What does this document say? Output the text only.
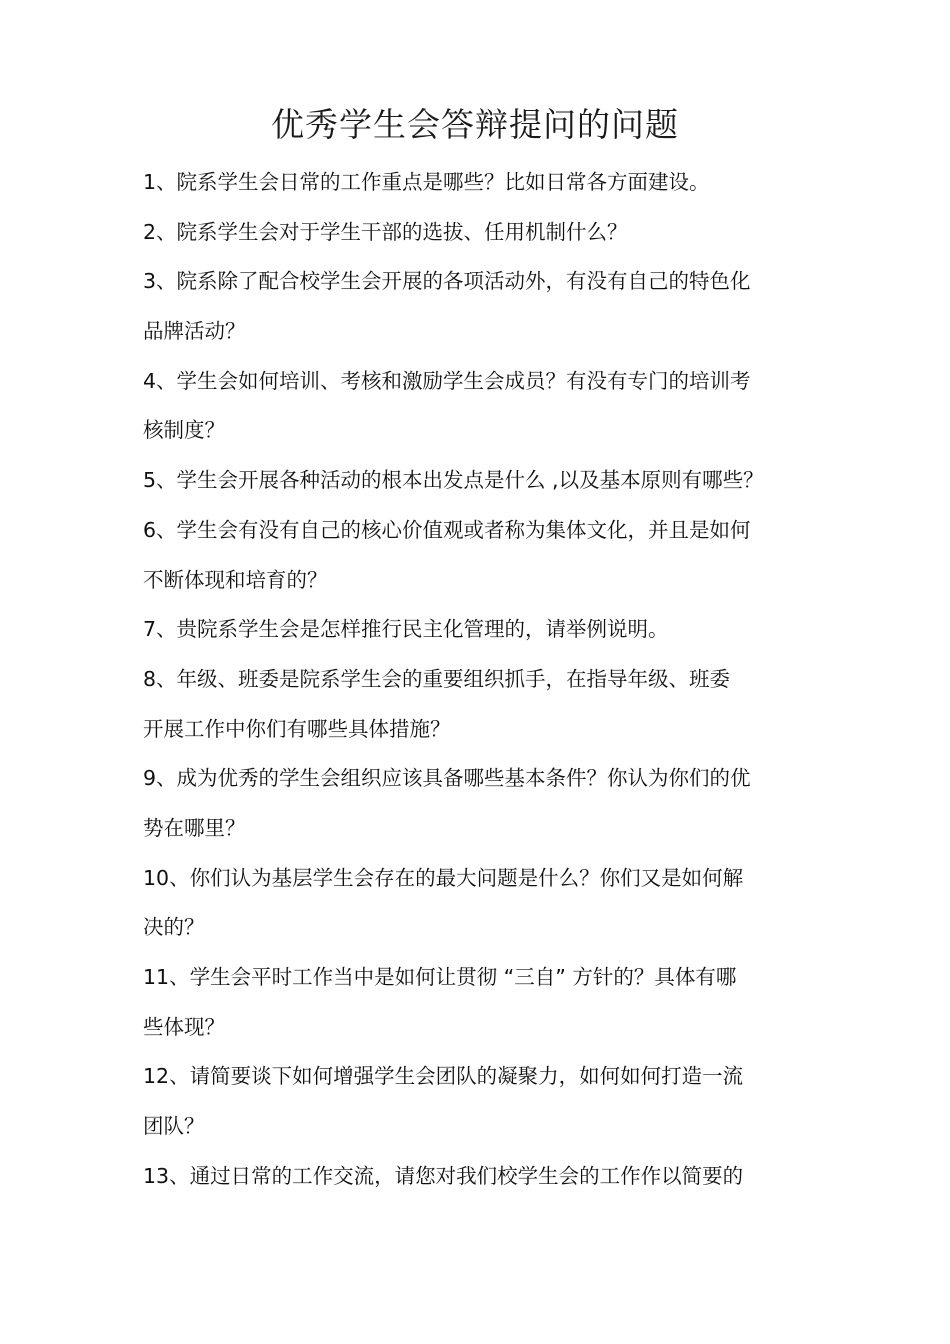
优秀学生会答辩提问的问题
1、院系学生会日常的工作重点是哪些？比如日常各方面建设。
2、院系学生会对于学生干部的选拔、任用机制什么？
3、院系除了配合校学生会开展的各项活动外，有没有自己的特色化
品牌活动？
4、学生会如何培训、考核和激励学生会成员？有没有专门的培训考
核制度？
5、学生会开展各种活动的根本出发点是什么 ,以及基本原则有哪些？
6、学生会有没有自己的核心价值观或者称为集体文化，并且是如何
不断体现和培育的？
7、贵院系学生会是怎样推行民主化管理的，请举例说明。
8、年级、班委是院系学生会的重要组织抓手，在指导年级、班委
开展工作中你们有哪些具体措施？
9、成为优秀的学生会组织应该具备哪些基本条件？你认为你们的优
势在哪里？
10、你们认为基层学生会存在的最大问题是什么？你们又是如何解
决的？
11、学生会平时工作当中是如何让贯彻 “三自” 方针的？具体有哪
些体现？
12、请简要谈下如何增强学生会团队的凝聚力，如何如何打造一流
团队？
13、通过日常的工作交流，请您对我们校学生会的工作作以简要的
